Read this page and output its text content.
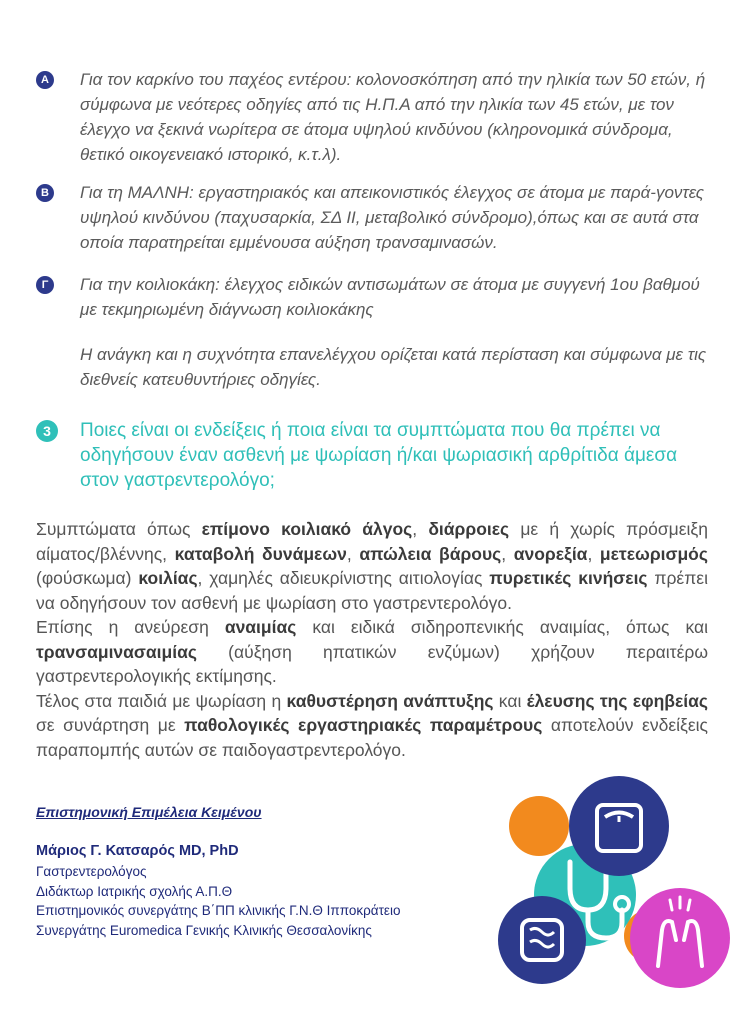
A Για τον καρκίνο του παχέος εντέρου: κολονοσκόπηση από την ηλικία των 50 ετών, ή σύμφωνα με νεότερες οδηγίες από τις Η.Π.Α από την ηλικία των 45 ετών, με τον έλεγχο να ξεκινά νωρίτερα σε άτομα υψηλού κινδύνου (κληρονομικά σύνδρομα, θετικό οικογενειακό ιστορικό, κ.τ.λ).
B Για τη ΜΑΛΝΗ: εργαστηριακός και απεικονιστικός έλεγχος σε άτομα με παρά-γοντες υψηλού κινδύνου (παχυσαρκία, ΣΔ ΙΙ, μεταβολικό σύνδρομο),όπως και σε αυτά στα οποία παρατηρείται εμμένουσα αύξηση τρανσαμινασών.
Γ	Για την κοιλιοκάκη: έλεγχος ειδικών αντισωμάτων σε άτομα με συγγενή 1ου βαθμού με τεκμηριωμένη διάγνωση κοιλιοκάκης
Η ανάγκη και η συχνότητα επανελέγχου ορίζεται κατά περίσταση και σύμφωνα με τις διεθνείς κατευθυντήριες οδηγίες.
3	Ποιες είναι οι ενδείξεις ή ποια είναι τα συμπτώματα που θα πρέπει να οδηγήσουν έναν ασθενή με ψωρίαση ή/και ψωριασική αρθρίτιδα άμεσα στον γαστρεντερολόγο;
Συμπτώματα όπως επίμονο κοιλιακό άλγος, διάρροιες με ή χωρίς πρόσμειξη αίματος/βλέννης, καταβολή δυνάμεων, απώλεια βάρους, ανορεξία, μετεωρισμός (φούσκωμα) κοιλίας, χαμηλές αδιευκρίνιστης αιτιολογίας πυρετικές κινήσεις πρέπει να οδηγήσουν τον ασθενή με ψωρίαση στο γαστρεντερολόγο.
Επίσης η ανεύρεση αναιμίας και ειδικά σιδηροπενικής αναιμίας, όπως και τρανσαμινασαιμίας (αύξηση ηπατικών ενζύμων) χρήζουν περαιτέρω γαστρεντερολογικής εκτίμησης.
Τέλος στα παιδιά με ψωρίαση η καθυστέρηση ανάπτυξης και έλευσης της εφηβείας σε συνάρτηση με παθολογικές εργαστηριακές παραμέτρους αποτελούν ενδείξεις παραπομπής αυτών σε παιδογαστρεντερολόγο.
Επιστημονική Επιμέλεια Κειμένου
Μάριος Γ. Κατσαρός MD, PhD
Γαστρεντερολόγος
Διδάκτωρ Ιατρικής σχολής Α.Π.Θ
Επιστημονικός συνεργάτης Β΄ΠΠ κλινικής Γ.Ν.Θ Ιπποκράτειο
Συνεργάτης Euromedica Γενικής Κλινικής Θεσσαλονίκης
